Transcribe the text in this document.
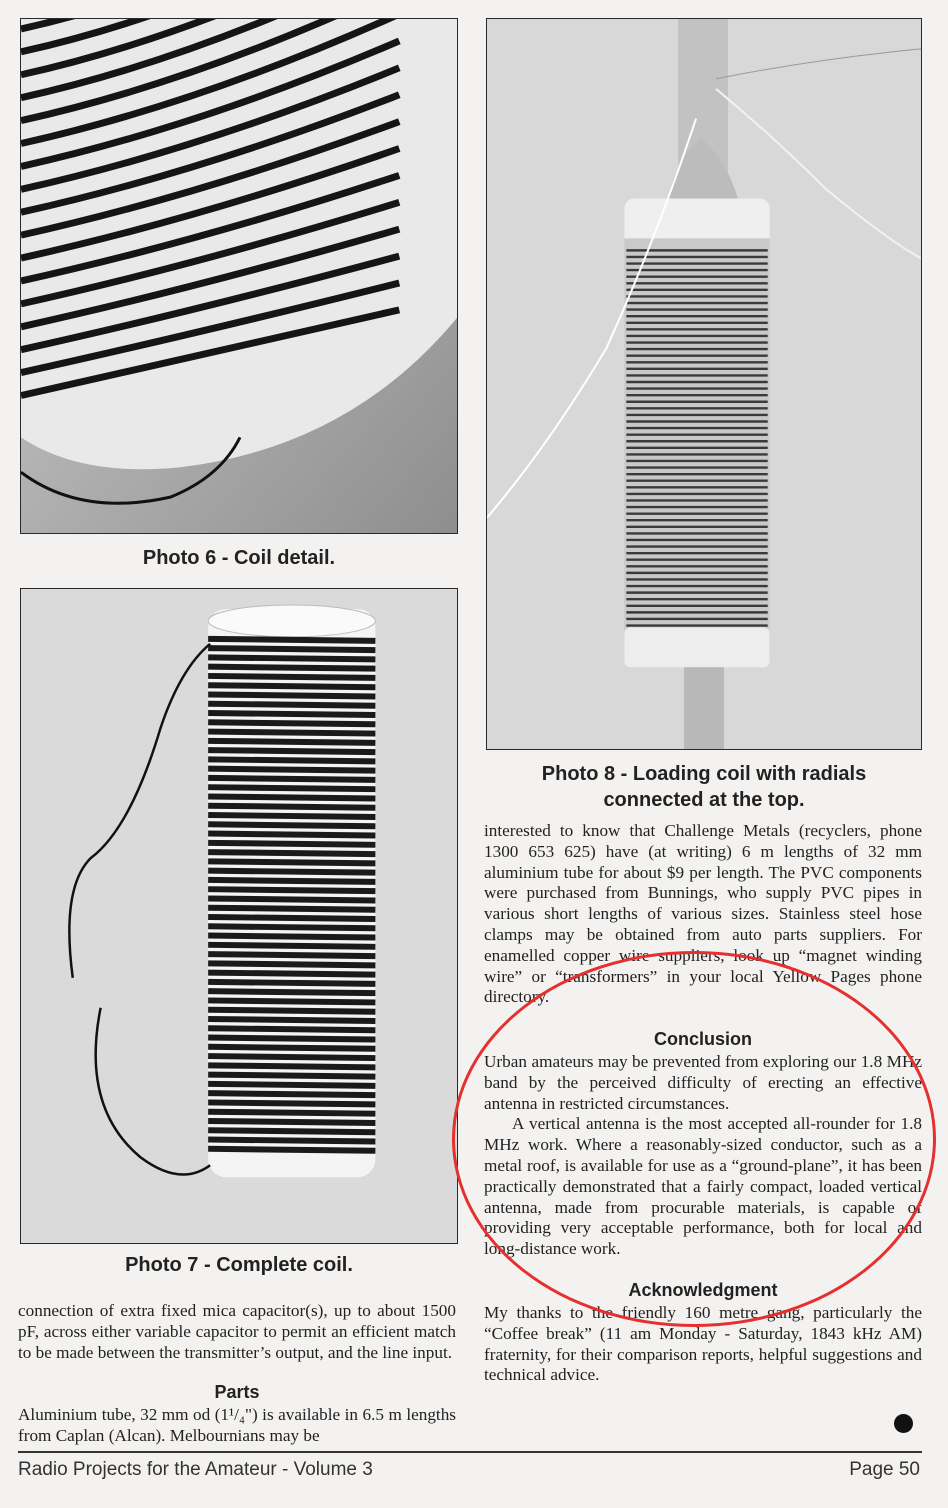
Photo 6 - Coil detail.
Photo 7 - Complete coil.
Photo 8 - Loading coil with radials
connected at the top.

connection of extra fixed mica capacitor(s), up to about 1500 pF, across either variable capacitor to permit an efficient match to be made between the transmitter’s output, and the line input.

Parts

Aluminium tube, 32 mm od (1¹/₄") is available in 6.5 m lengths from Caplan (Alcan). Melbournians may be

interested to know that Challenge Metals (recyclers, phone 1300 653 625) have (at writing) 6 m lengths of 32 mm aluminium tube for about $9 per length. The PVC components were purchased from Bunnings, who supply PVC pipes in various short lengths of various sizes. Stainless steel hose clamps may be obtained from auto parts suppliers. For enamelled copper wire suppliers, look up “magnet winding wire” or “transformers” in your local Yellow Pages phone directory.

Conclusion

Urban amateurs may be prevented from exploring our 1.8 MHz band by the perceived difficulty of erecting an effective antenna in restricted circumstances.

A vertical antenna is the most accepted all-rounder for 1.8 MHz work. Where a reasonably-sized conductor, such as a metal roof, is available for use as a “ground-plane”, it has been practically demonstrated that a fairly compact, loaded vertical antenna, made from procurable materials, is capable of providing very acceptable performance, both for local and long-distance work.

Acknowledgment

My thanks to the friendly 160 metre gang, particularly the “Coffee break” (11 am Monday - Saturday, 1843 kHz AM) fraternity, for their comparison reports, helpful suggestions and technical advice.

Radio Projects for the Amateur - Volume 3	Page 50
